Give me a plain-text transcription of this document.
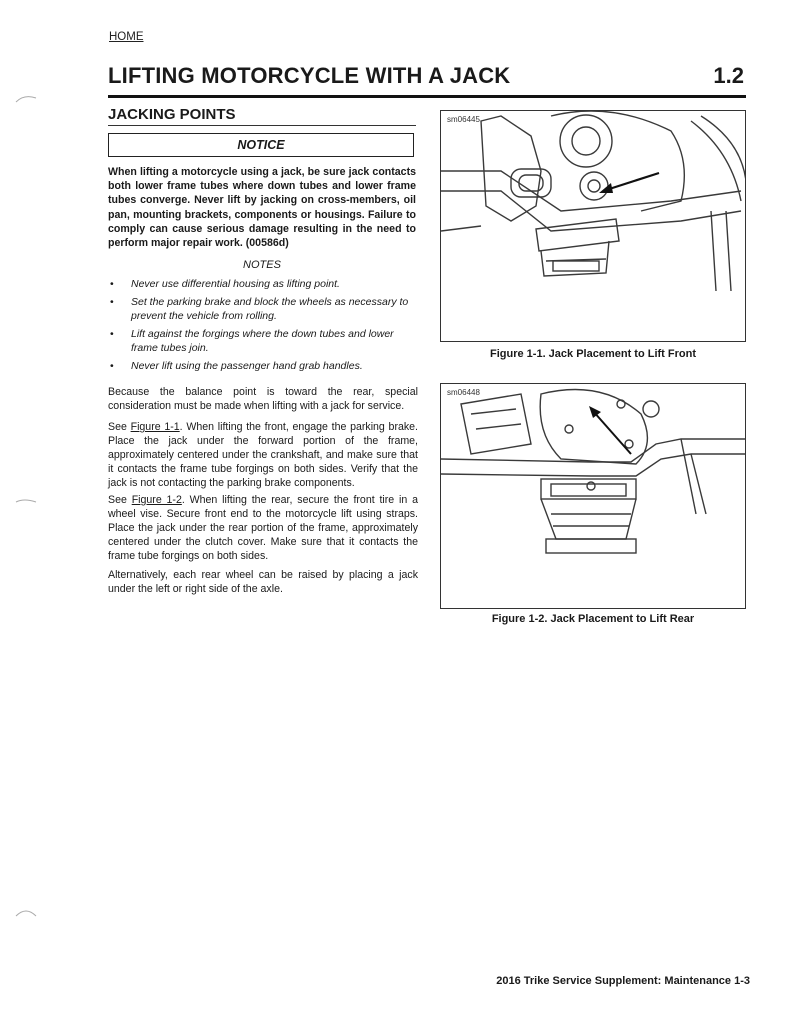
HOME
LIFTING MOTORCYCLE WITH A JACK	1.2
JACKING POINTS
NOTICE
When lifting a motorcycle using a jack, be sure jack contacts both lower frame tubes where down tubes and lower frame tubes converge. Never lift by jacking on cross-members, oil pan, mounting brackets, components or housings. Failure to comply can cause serious damage resulting in the need to perform major repair work. (00586d)
NOTES
• Never use differential housing as lifting point.
• Set the parking brake and block the wheels as necessary to prevent the vehicle from rolling.
• Lift against the forgings where the down tubes and lower frame tubes join.
• Never lift using the passenger hand grab handles.
Because the balance point is toward the rear, special consideration must be made when lifting with a jack for service.
See Figure 1-1. When lifting the front, engage the parking brake. Place the jack under the forward portion of the frame, approximately centered under the crankshaft, and make sure that it contacts the frame tube forgings on both sides. Verify that the jack is not contacting the parking brake components.
See Figure 1-2. When lifting the rear, secure the front tire in a wheel vise. Secure front end to the motorcycle lift using straps. Place the jack under the rear portion of the frame, approximately centered under the clutch cover. Make sure that it contacts the frame tube forgings on both sides.
Alternatively, each rear wheel can be raised by placing a jack under the left or right side of the axle.
sm06445
Figure 1-1. Jack Placement to Lift Front
sm06448
Figure 1-2. Jack Placement to Lift Rear
2016 Trike Service Supplement: Maintenance 1-3
